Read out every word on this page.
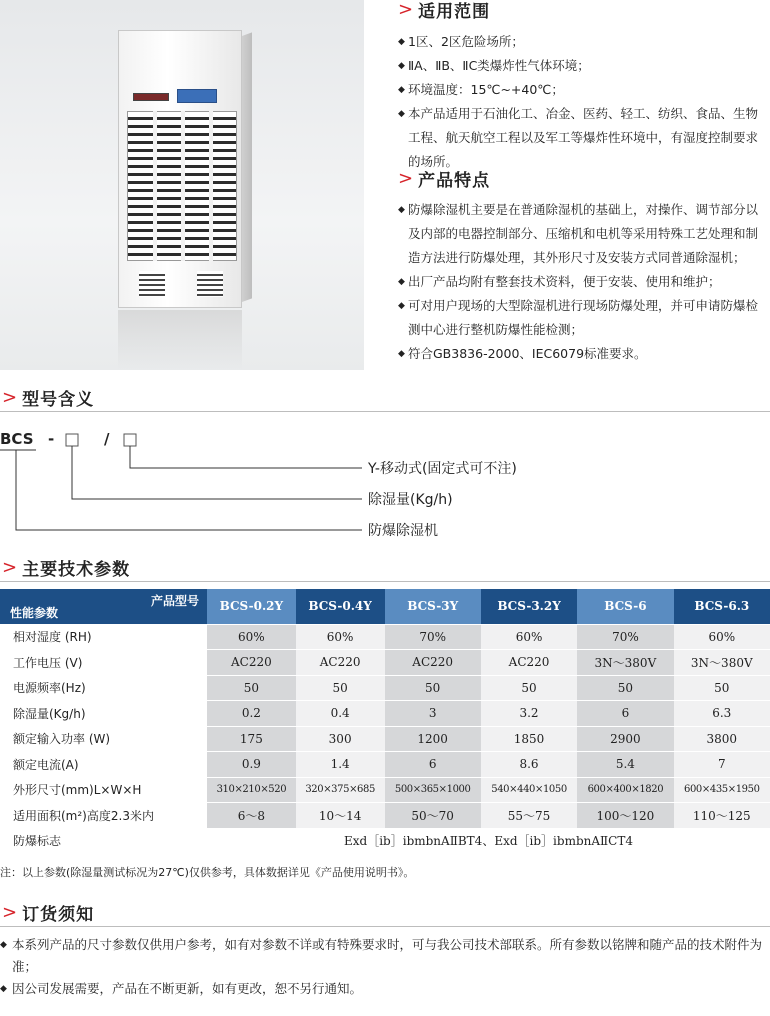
> 适用范围
◆ 1区、2区危险场所；
◆ ⅡA、ⅡB、ⅡC类爆炸性气体环境；
◆ 环境温度：15℃~+40℃；
◆ 本产品适用于石油化工、冶金、医药、轻工、纺织、食品、生物工程、航天航空工程以及军工等爆炸性环境中，有湿度控制要求的场所。
> 产品特点
◆ 防爆除湿机主要是在普通除湿机的基础上，对操作、调节部分以及内部的电器控制部分、压缩机和电机等采用特殊工艺处理和制造方法进行防爆处理，其外形尺寸及安装方式同普通除湿机；
◆ 出厂产品均附有整套技术资料，便于安装、使用和维护；
◆ 可对用户现场的大型除湿机进行现场防爆处理，并可申请防爆检测中心进行整机防爆性能检测；
◆ 符合GB3836-2000、IEC6079标准要求。
> 型号含义
BCS -	/
Y-移动式(固定式可不注)
除湿量(Kg/h)
防爆除湿机
> 主要技术参数
产品型号
性能参数	BCS-0.2Y	BCS-0.4Y	BCS-3Y	BCS-3.2Y	BCS-6	BCS-6.3
相对湿度 (RH)	60%	60%	70%	60%	70%	60%
工作电压 (V)	AC220	AC220	AC220	AC220	3N～380V	3N～380V
电源频率(Hz)	50	50	50	50	50	50
除湿量(Kg/h)	0.2	0.4	3	3.2	6	6.3
额定输入功率 (W)	175	300	1200	1850	2900	3800
额定电流(A)	0.9	1.4	6	8.6	5.4	7
外形尺寸(mm)L×W×H	310×210×520	320×375×685	500×365×1000	540×440×1050	600×400×1820	600×435×1950
适用面积(m²)高度2.3米内	6～8	10～14	50～70	55～75	100～120	110～125
防爆标志	Exd［ib］ibmbnAⅡBT4、Exd［ib］ibmbnAⅡCT4					
注：以上参数(除湿量测试标况为27℃)仅供参考，具体数据详见《产品使用说明书》。
> 订货须知
◆ 本系列产品的尺寸参数仅供用户参考，如有对参数不详或有特殊要求时，可与我公司技术部联系。所有参数以铭牌和随产品的技术附件为准；
◆ 因公司发展需要，产品在不断更新，如有更改，恕不另行通知。
